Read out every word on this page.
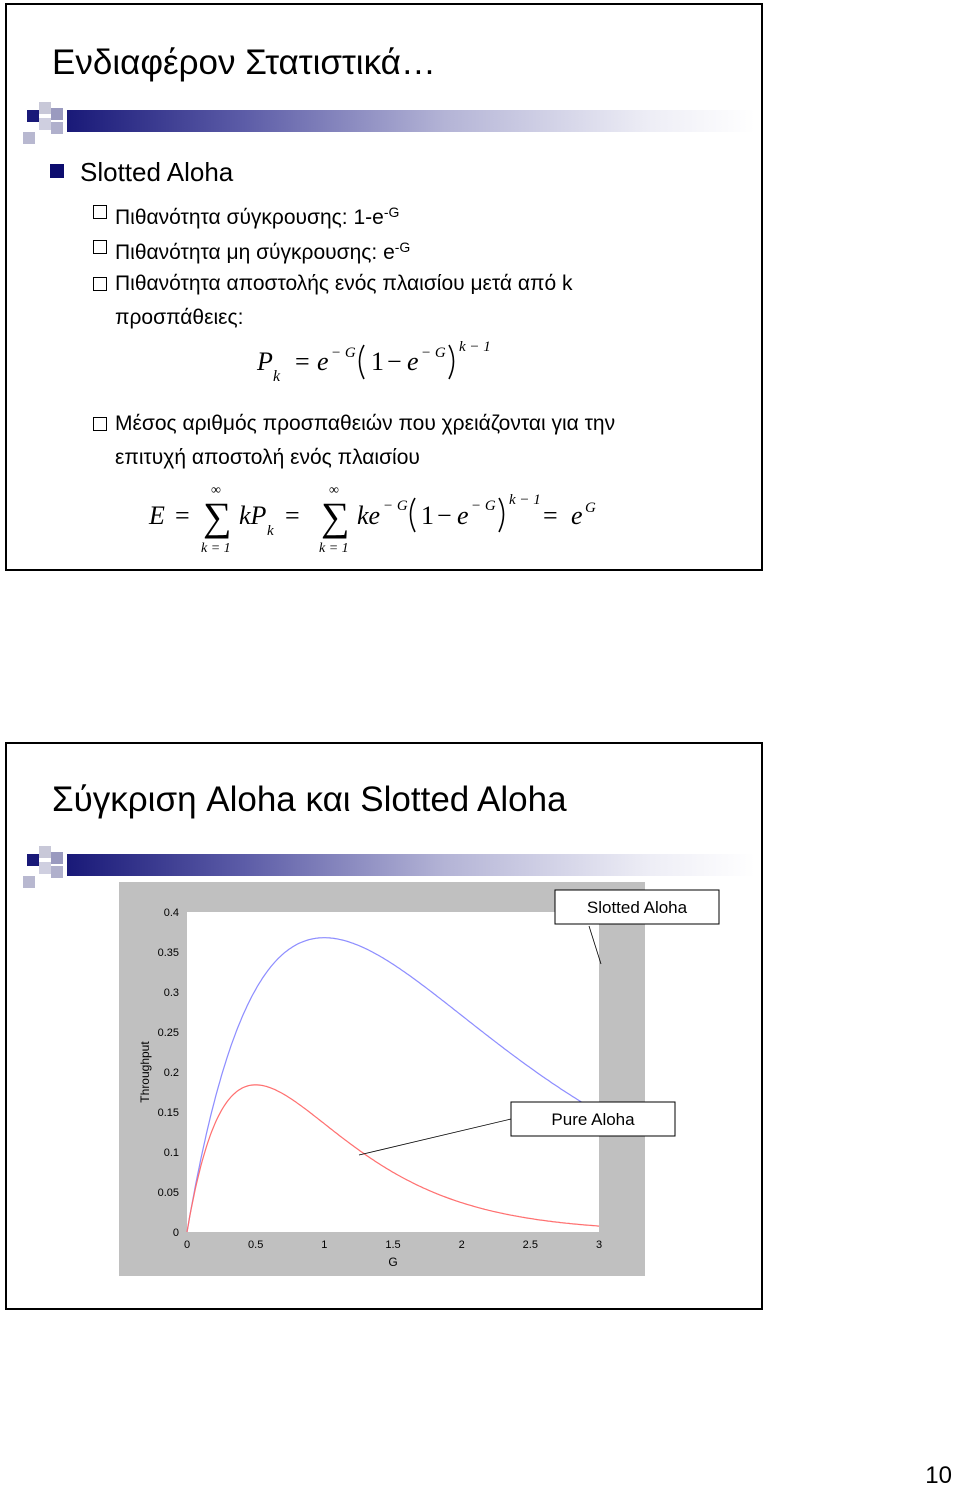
Ενδιαφέρον Στατιστικά…
Slotted Aloha
Πιθανότητα σύγκρουσης: $1-e^{-G}$
Πιθανότητα μη σύγκρουσης: $e^{-G}$
Πιθανότητα αποστολής ενός πλαισίου μετά από k
προσπάθειες:
P
k
= e − G 1 − e − G k − 1
Μέσος αριθμός προσπαθειών που χρειάζονται για την
επιτυχή αποστολή ενός πλαισίου
E =
∞
∑
k = 1
kP
k
=
∞
∑
k = 1
ke − G 1 − e − G k − 1
= e G
Σύγκριση Aloha και Slotted Aloha
0
0.05
0.1
0.15
0.2
0.25
0.3
0.35
0.4
0	0.5	1	1.5	2	2.5	3
G
Throughput
Slotted Aloha
Pure Aloha
10
